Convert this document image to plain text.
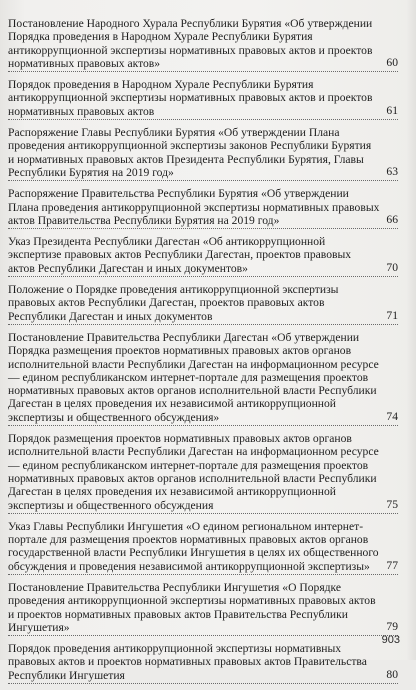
Постановление Народного Хурала Республики Бурятия «Об утверждении Порядка проведения в Народном Хурале Республики Бурятия антикоррупционной экспертизы нормативных правовых актов и проектов нормативных правовых актов»	60
Порядок проведения в Народном Хурале Республики Бурятия антикоррупционной экспертизы нормативных правовых актов и проектов нормативных правовых актов	61
Распоряжение Главы Республики Бурятия «Об утверждении Плана проведения антикоррупционной экспертизы законов Республики Бурятия и нормативных правовых актов Президента Республики Бурятия, Главы Республики Бурятия на 2019 год»	63
Распоряжение Правительства Республики Бурятия «Об утверждении Плана проведения антикоррупционной экспертизы нормативных правовых актов Правительства Республики Бурятия на 2019 год»	66
Указ Президента Республики Дагестан «Об антикоррупционной экспертизе правовых актов Республики Дагестан, проектов правовых актов Республики Дагестан и иных документов»	70
Положение о Порядке проведения антикоррупционной экспертизы правовых актов Республики Дагестан, проектов правовых актов Республики Дагестан и иных документов	71
Постановление Правительства Республики Дагестан «Об утверждении Порядка размещения проектов нормативных правовых актов органов исполнительной власти Республики Дагестан на информационном ресурсе — едином республиканском интернет-портале для размещения проектов нормативных правовых актов органов исполнительной власти Республики Дагестан в целях проведения их независимой антикоррупционной экспертизы и общественного обсуждения»	74
Порядок размещения проектов нормативных правовых актов органов исполнительной власти Республики Дагестан на информационном ресурсе — едином республиканском интернет-портале для размещения проектов нормативных правовых актов органов исполнительной власти Республики Дагестан в целях проведения их независимой антикоррупционной экспертизы и общественного обсуждения	75
Указ Главы Республики Ингушетия «О едином региональном интернет-портале для размещения проектов нормативных правовых актов органов государственной власти Республики Ингушетия в целях их общественного обсуждения и проведения независимой антикоррупционной экспертизы» 77
Постановление Правительства Республики Ингушетия «О Порядке проведения антикоррупционной экспертизы нормативных правовых актов и проектов нормативных правовых актов Правительства Республики Ингушетия»	79
Порядок проведения антикоррупционной экспертизы нормативных правовых актов и проектов нормативных правовых актов Правительства Республики Ингушетия	80
903
